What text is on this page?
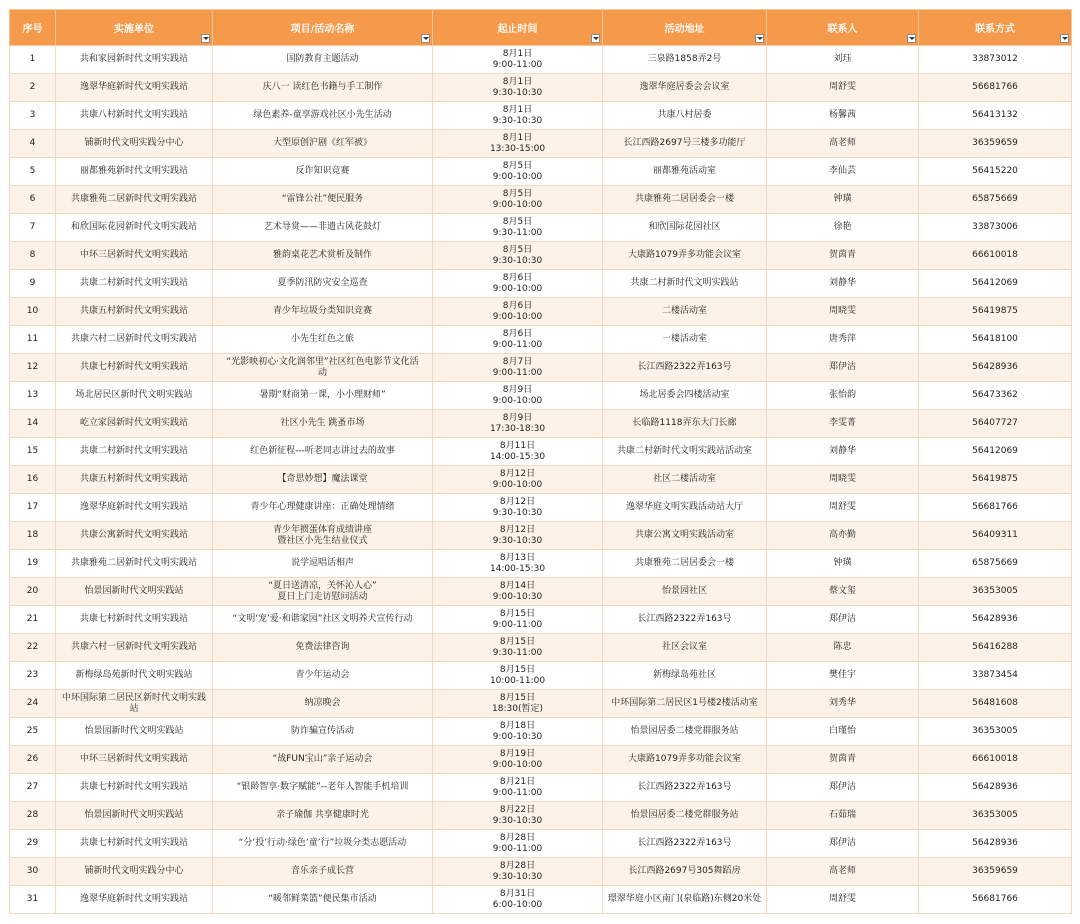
序号	实施单位	项目/活动名称	起止时间	活动地址	联系人	联系方式

1	共和家园新时代文明实践站	国防教育主题活动	8月1日
9:00-11:00	三泉路1858弄2号	刘珏	33873012
2	逸翠华庭新时代文明实践站	庆八一 读红色书籍与手工制作	8月1日
9:30-10:30	逸翠华庭居委会会议室	周舒雯	56681766
3	共康八村新时代文明实践站	绿色素养-童享游戏社区小先生活动	8月1日
9:30-10:30	共康八村居委	杨馨茜	56413132
4	铺新时代文明实践分中心	大型原创沪剧《红军被》	8月1日
13:30-15:00	长江西路2697号三楼多功能厅	高老师	36359659
5	丽都雅苑新时代文明实践站	反诈知识竞赛	8月5日
9:00-10:00	丽都雅苑活动室	李仙芸	56415220
6	共康雅苑二居新时代文明实践站	“雷锋公社”便民服务	8月5日
9:00-10:00	共康雅苑二居居委会一楼	钟璜	65875669
7	和欣国际花园新时代文明实践站	艺术导赏——非遗古风花鼓灯	8月5日
9:30-11:00	和欣国际花园社区	徐艳	33873006
8	中环三居新时代文明实践站	雅韵桌花艺术赏析及制作	8月5日
9:30-10:30	大康路1079弄多功能会议室	贺茵青	66610018
9	共康二村新时代文明实践站	夏季防汛防灾安全巡查	8月6日
9:00-10:00	共康二村新时代文明实践站	刘静华	56412069
10	共康五村新时代文明实践站	青少年垃圾分类知识竞赛	8月6日
9:00-10:00	二楼活动室	周晓雯	56419875
11	共康六村二居新时代文明实践站	小先生红色之旅	8月6日
9:00-11:00	一楼活动室	唐秀萍	56418100
12	共康七村新时代文明实践站	“光影映初心·文化润邻里”社区红色电影节文化活
动	8月7日
9:00-11:00	长江西路2322弄163号	郑伊洁	56428936
13	场北居民区新时代文明实践站	暑期“财商第一课，小小理财师”	8月9日
9:00-10:00	场北居委会四楼活动室	张怡韵	56473362
14	屹立家园新时代文明实践站	社区小先生 跳蚤市场	8月9日
17:30-18:30	长临路1118弄东大门长廊	李雯菁	56407727
15	共康二村新时代文明实践站	红色新征程---听老同志讲过去的故事	8月11日
14:00-15:30	共康二村新时代文明实践站活动室	刘静华	56412069
16	共康五村新时代文明实践站	【奇思妙想】魔法课堂	8月12日
9:00-10:00	社区二楼活动室	周晓雯	56419875
17	逸翠华庭新时代文明实践站	青少年心理健康讲座：正确处理情绪	8月12日
9:30-10:30	逸翠华庭文明实践活动站大厅	周舒雯	56681766
18	共康公寓新时代文明实践站	青少年掼蛋体育成绩讲座
暨社区小先生结业仪式	8月12日
9:30-10:30	共康公寓文明实践活动室	高亦勤	56409311
19	共康雅苑二居新时代文明实践站	说学逗唱话相声	8月13日
14:00-15:30	共康雅苑二居居委会一楼	钟璜	65875669
20	怡景园新时代文明实践站	“夏日送清凉，关怀沁人心”
夏日上门走访慰问活动	8月14日
9:00-10:30	怡景园社区	蔡文玺	36353005
21	共康七村新时代文明实践站	“文明‘宠’爱·和谐家园”社区文明养犬宣传行动	8月15日
9:00-11:00	长江西路2322弄163号	郑伊洁	56428936
22	共康六村一居新时代文明实践站	免费法律咨询	8月15日
9:30-11:00	社区会议室	陈忠	56416288
23	新梅绿岛苑新时代文明实践站	青少年运动会	8月15日
10:00-11:00	新梅绿岛苑社区	樊佳宇	33873454
24	中环国际第二居民区新时代文明实践
站	纳凉晚会	8月15日
18:30(暂定)	中环国际第二居民区1号楼2楼活动室	刘秀华	56481608
25	怡景园新时代文明实践站	防诈骗宣传活动	8月18日
9:00-10:30	怡景园居委二楼党群服务站	白瑾怡	36353005
26	中环三居新时代文明实践站	“战FUN宝山”亲子运动会	8月19日
9:00-10:00	大康路1079弄多功能会议室	贺茵青	66610018
27	共康七村新时代文明实践站	“银龄智享·数字赋能”--老年人智能手机培训	8月21日
9:00-11:00	长江西路2322弄163号	郑伊洁	56428936
28	怡景园新时代文明实践站	亲子瑜伽 共享健康时光	8月22日
9:30-10:30	怡景园居委二楼党群服务站	石茹瑞	36353005
29	共康七村新时代文明实践站	“分‘投’行动·绿色‘童’行”垃圾分类志愿活动	8月28日
9:00-11:00	长江西路2322弄163号	郑伊洁	56428936
30	铺新时代文明实践分中心	音乐亲子成长营	8月28日
9:30-10:30	长江西路2697号305舞蹈房	高老师	36359659
31	逸翠华庭新时代文明实践站	“暖邻鲜菜篮”便民集市活动	8月31日
6:00-10:00	璟翠华庭小区南门(泉临路)东侧20米处	周舒雯	56681766
